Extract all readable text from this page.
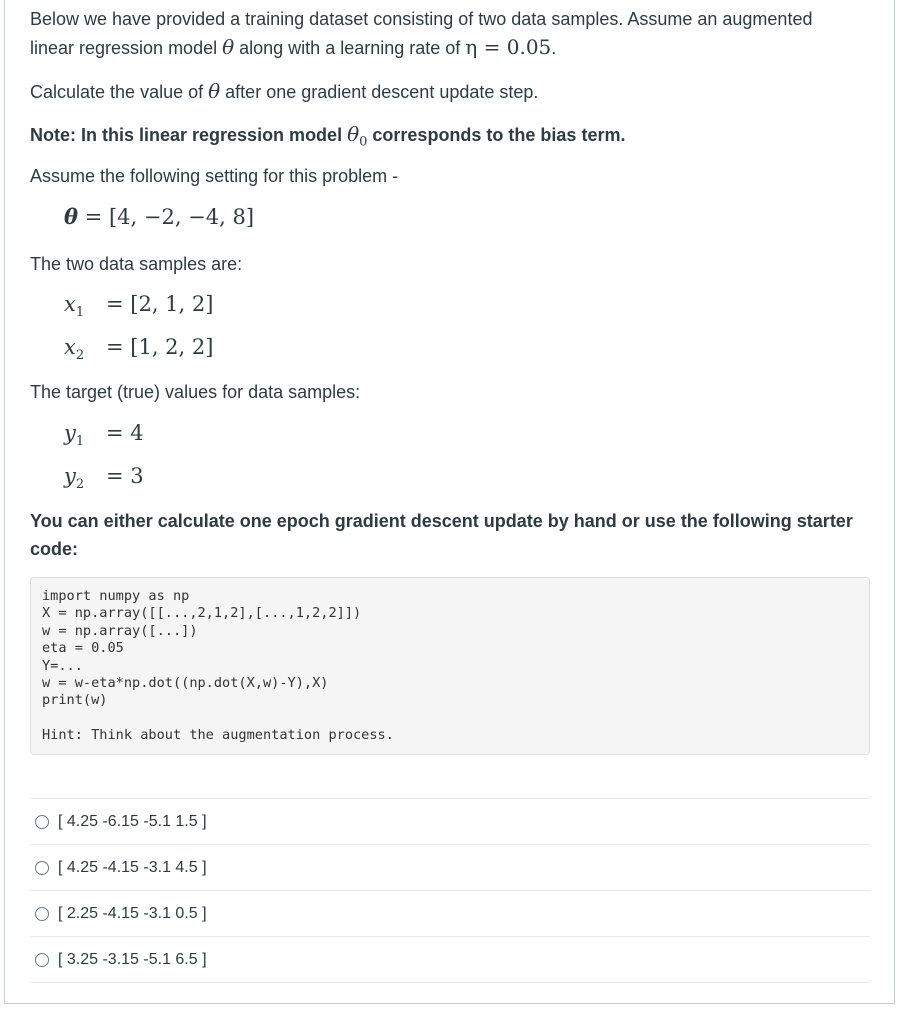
Below we have provided a training dataset consisting of two data samples. Assume an augmented linear regression model θ along with a learning rate of η = 0.05.

Calculate the value of θ after one gradient descent update step.

Note: In this linear regression model $\theta_0$ corresponds to the bias term.

Assume the following setting for this problem -

θ = [4, −2, −4, 8]

The two data samples are:

$x_1 = [2$, 1, 2]
$x_2 = [1$, 2, 2]

The target (true) values for data samples:

$y_1 = 4$
$y_2 = 3$

You can either calculate one epoch gradient descent update by hand or use the following starter code:

import numpy as np
X = np.array([[...,2,1,2],[...,1,2,2]])
w = np.array([...])
eta = 0.05
Y=...
w = w-eta*np.dot((np.dot(X,w)-Y),X)
print(w)
Hint: Think about the augmentation process.
[ 4.25 -6.15 -5.1 1.5 ]
[ 4.25 -4.15 -3.1 4.5 ]
[ 2.25 -4.15 -3.1 0.5 ]
[ 3.25 -3.15 -5.1 6.5 ]
